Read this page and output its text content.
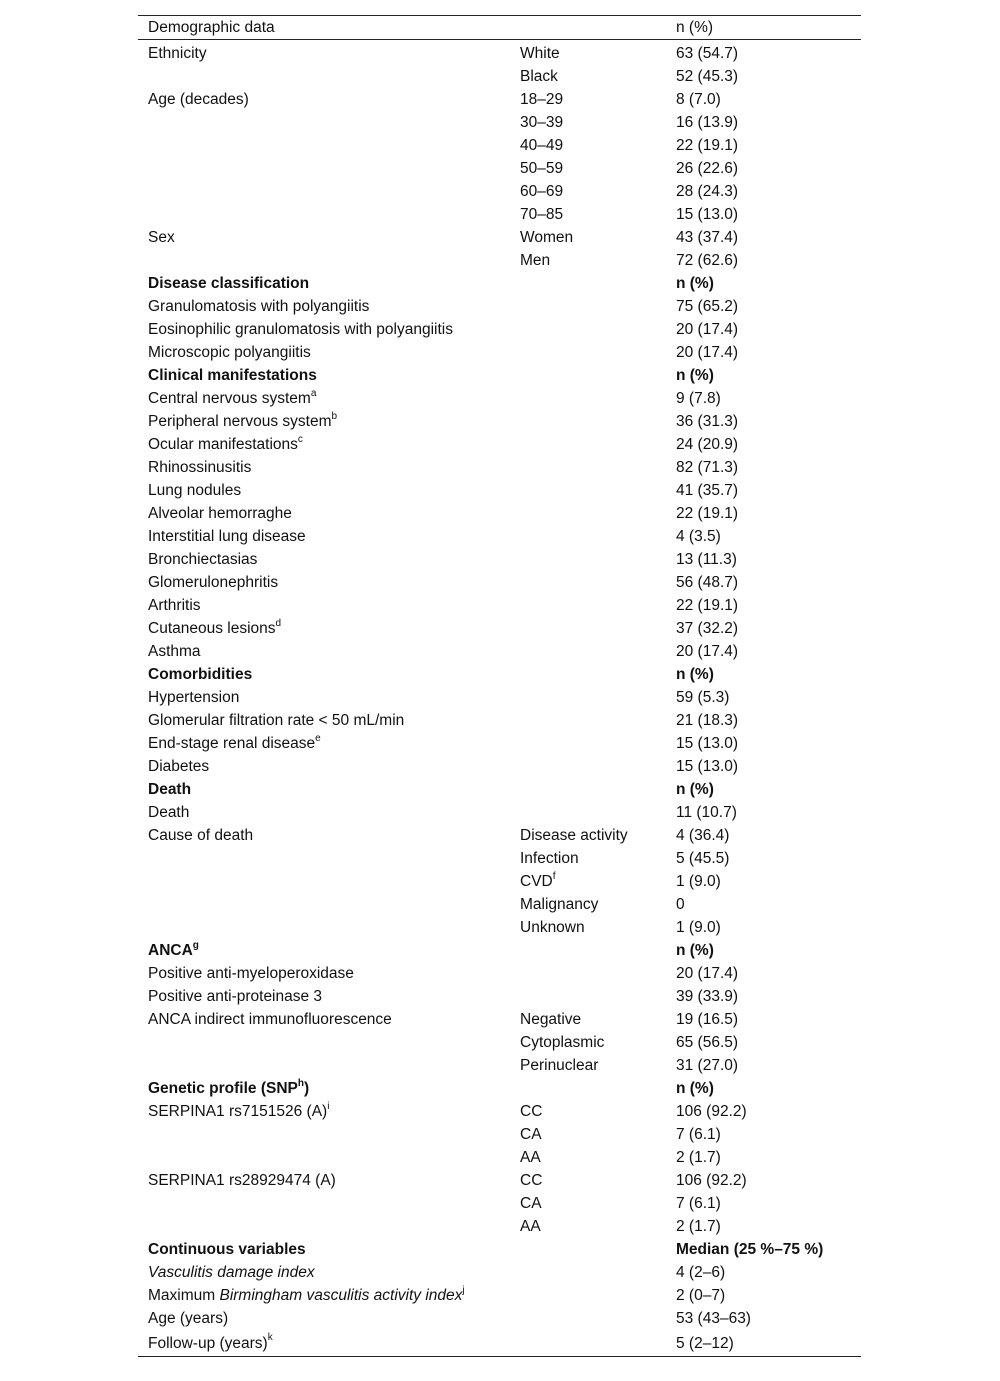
Demographic data		n (%)
Ethnicity	White	63 (54.7)
	Black	52 (45.3)
Age (decades)	18–29	8 (7.0)
	30–39	16 (13.9)
	40–49	22 (19.1)
	50–59	26 (22.6)
	60–69	28 (24.3)
	70–85	15 (13.0)
Sex	Women	43 (37.4)
	Men	72 (62.6)
Disease classification		n (%)
Granulomatosis with polyangiitis		75 (65.2)
Eosinophilic granulomatosis with polyangiitis		20 (17.4)
Microscopic polyangiitis		20 (17.4)
Clinical manifestations		n (%)
Central nervous system$^a$		9 (7.8)
Peripheral nervous system$^b$		36 (31.3)
Ocular manifestations$^c$		24 (20.9)
Rhinossinusitis		82 (71.3)
Lung nodules		41 (35.7)
Alveolar hemorraghe		22 (19.1)
Interstitial lung disease		4 (3.5)
Bronchiectasias		13 (11.3)
Glomerulonephritis		56 (48.7)
Arthritis		22 (19.1)
Cutaneous lesions$^d$		37 (32.2)
Asthma		20 (17.4)
Comorbidities		n (%)
Hypertension		59 (5.3)
Glomerular filtration rate < 50 mL/min		21 (18.3)
End-stage renal disease$^e$		15 (13.0)
Diabetes		15 (13.0)
Death		n (%)
Death		11 (10.7)
Cause of death	Disease activity	4 (36.4)
	Infection	5 (45.5)
	CVD$^f$	1 (9.0)
	Malignancy	0
	Unknown	1 (9.0)
ANCA$^g$		n (%)
Positive anti-myeloperoxidase		20 (17.4)
Positive anti-proteinase 3		39 (33.9)
ANCA indirect immunofluorescence	Negative	19 (16.5)
	Cytoplasmic	65 (56.5)
	Perinuclear	31 (27.0)
Genetic profile (SNP$^h$)		n (%)
SERPINA1 rs7151526 $(A)^i$	CC	106 (92.2)
	CA	7 (6.1)
	AA	2 (1.7)
SERPINA1 rs28929474 (A)	CC	106 (92.2)
	CA	7 (6.1)
	AA	2 (1.7)
Continuous variables		Median (25 %–75 %)
Vasculitis damage index		4 (2–6)
Maximum Birmingham vasculitis activity index$^j$		2 (0–7)
Age (years)		53 (43–63)
Follow-up (years)$^k$		5 (2–12)
